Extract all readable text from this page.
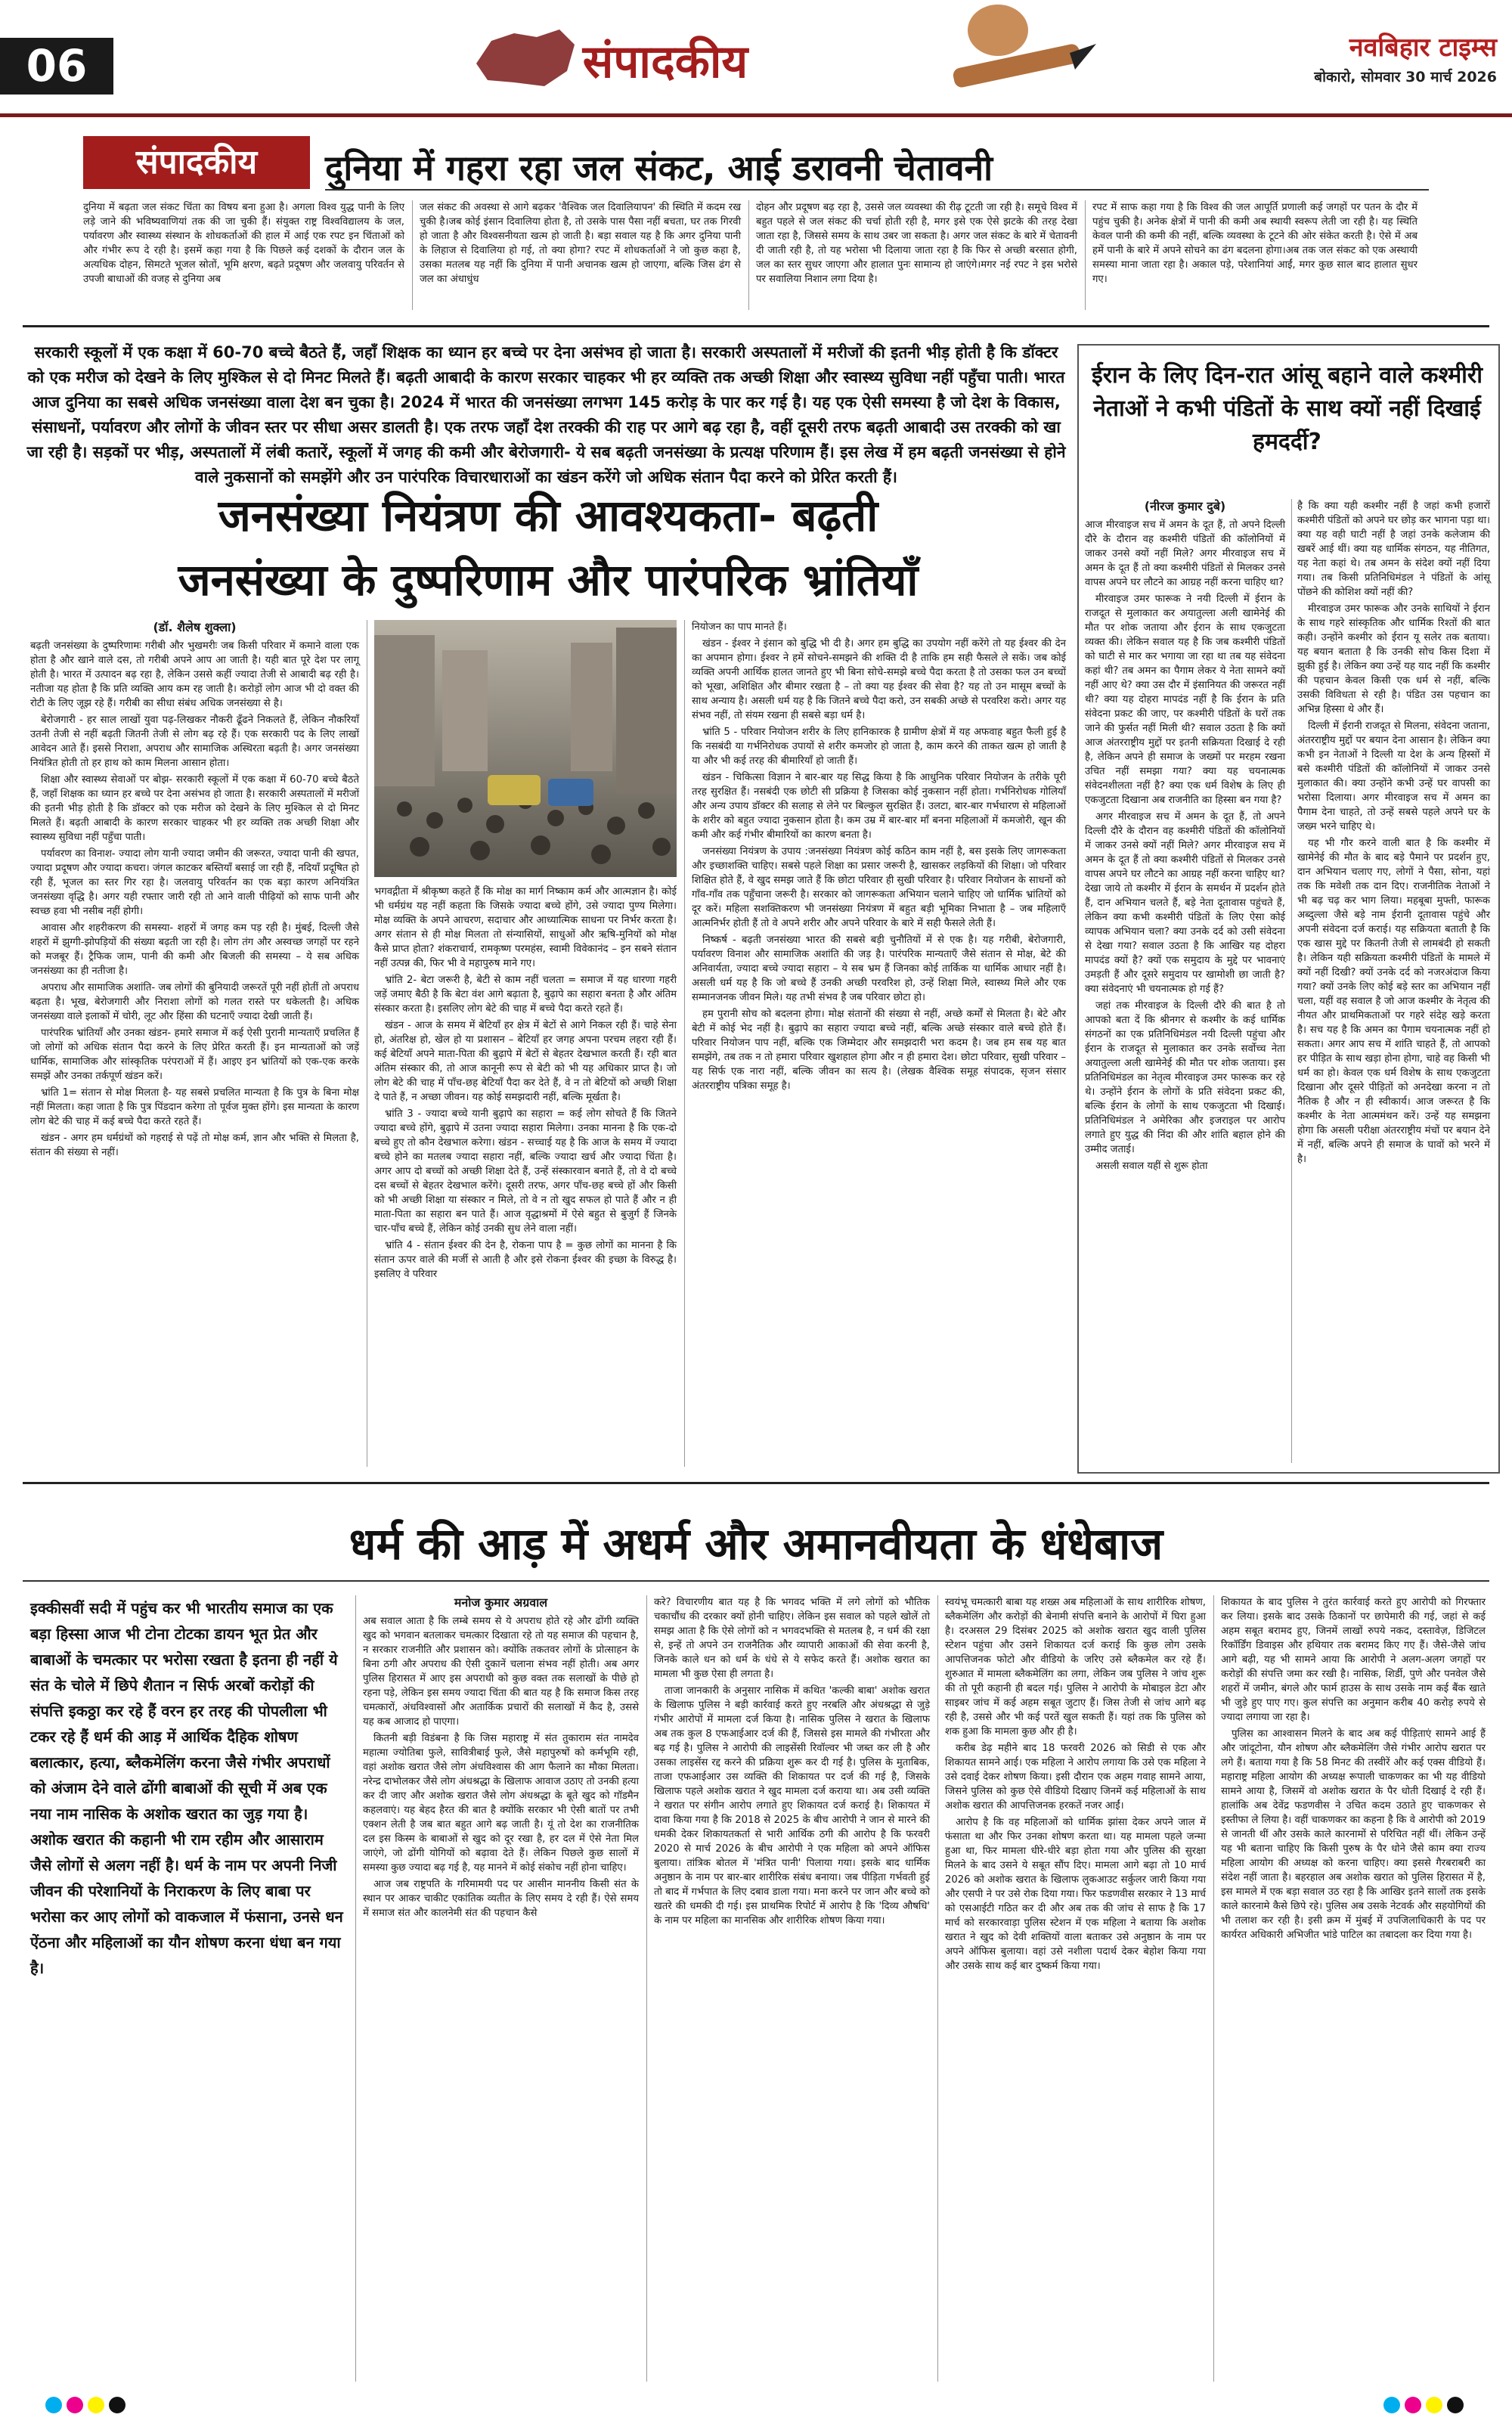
06	संपादकीय	नवबिहार टाइम्स
बोकारो, सोमवार 30 मार्च 2026
संपादकीय	दुनिया में गहरा रहा जल संकट, आई डरावनी चेतावनी
दुनिया में बढ़ता जल संकट चिंता का विषय बना हुआ है। अगला विश्व युद्ध पानी के लिए लड़े जाने की भविष्यवाणियां तक की जा चुकी हैं। संयुक्त राष्ट्र विश्वविद्यालय के जल, पर्यावरण और स्वास्थ्य संस्थान के शोधकर्ताओं की हाल में आई एक रपट इन चिंताओं को और गंभीर रूप दे रही है। इसमें कहा गया है कि पिछले कई दशकों के दौरान जल के अत्यधिक दोहन, सिमटते भूजल स्रोतों, भूमि क्षरण, बढ़ते प्रदूषण और जलवायु परिवर्तन से उपजी बाधाओं की वजह से दुनिया अब
जल संकट की अवस्था से आगे बढ़कर 'वैश्विक जल दिवालियापन' की स्थिति में कदम रख चुकी है।जब कोई इंसान दिवालिया होता है, तो उसके पास पैसा नहीं बचता, घर तक गिरवी हो जाता है और विश्वसनीयता खत्म हो जाती है। बड़ा सवाल यह है कि अगर दुनिया पानी के लिहाज से दिवालिया हो गई, तो क्या होगा? रपट में शोधकर्ताओं ने जो कुछ कहा है, उसका मतलब यह नहीं कि दुनिया में पानी अचानक खत्म हो जाएगा, बल्कि जिस ढंग से जल का अंधाधुंध
दोहन और प्रदूषण बढ़ रहा है, उससे जल व्यवस्था की रीढ़ टूटती जा रही है। समूचे विश्व में बहुत पहले से जल संकट की चर्चा होती रही है, मगर इसे एक ऐसे झटके की तरह देखा जाता रहा है, जिससे समय के साथ उबर जा सकता है। अगर जल संकट के बारे में चेतावनी दी जाती रही है, तो यह भरोसा भी दिलाया जाता रहा है कि फिर से अच्छी बरसात होगी, जल का स्तर सुधर जाएगा और हालात पुनः सामान्य हो जाएंगे।मगर नई रपट ने इस भरोसे पर सवालिया निशान लगा दिया है।
रपट में साफ कहा गया है कि विश्व की जल आपूर्ति प्रणाली कई जगहों पर पतन के दौर में पहुंच चुकी है। अनेक क्षेत्रों में पानी की कमी अब स्थायी स्वरूप लेती जा रही है। यह स्थिति केवल पानी की कमी की नहीं, बल्कि व्यवस्था के टूटने की ओर संकेत करती है। ऐसे में अब हमें पानी के बारे में अपने सोचने का ढंग बदलना होगा।अब तक जल संकट को एक अस्थायी समस्या माना जाता रहा है। अकाल पड़े, परेशानियां आईं, मगर कुछ साल बाद हालात सुधर गए।
सरकारी स्कूलों में एक कक्षा में 60-70 बच्चे बैठते हैं, जहाँ शिक्षक का ध्यान हर बच्चे पर देना असंभव हो जाता है। सरकारी अस्पतालों में मरीजों की इतनी भीड़ होती है कि डॉक्टर को एक मरीज को देखने के लिए मुश्किल से दो मिनट मिलते हैं। बढ़ती आबादी के कारण सरकार चाहकर भी हर व्यक्ति तक अच्छी शिक्षा और स्वास्थ्य सुविधा नहीं पहुँचा पाती। भारत आज दुनिया का सबसे अधिक जनसंख्या वाला देश बन चुका है। 2024 में भारत की जनसंख्या लगभग 145 करोड़ के पार कर गई है। यह एक ऐसी समस्या है जो देश के विकास, संसाधनों, पर्यावरण और लोगों के जीवन स्तर पर सीधा असर डालती है। एक तरफ जहाँ देश तरक्की की राह पर आगे बढ़ रहा है, वहीं दूसरी तरफ बढ़ती आबादी उस तरक्की को खा जा रही है। सड़कों पर भीड़, अस्पतालों में लंबी कतारें, स्कूलों में जगह की कमी और बेरोजगारी- ये सब बढ़ती जनसंख्या के प्रत्यक्ष परिणाम हैं। इस लेख में हम बढ़ती जनसंख्या से होने वाले नुकसानों को समझेंगे और उन पारंपरिक विचारधाराओं का खंडन करेंगे जो अधिक संतान पैदा करने को प्रेरित करती हैं।
जनसंख्या नियंत्रण की आवश्यकता- बढ़ती
जनसंख्या के दुष्परिणाम और पारंपरिक भ्रांतियाँ
(डॉ. शैलेष शुक्ला)

बढ़ती जनसंख्या के दुष्परिणामः गरीबी और भुखमरीः जब किसी परिवार में कमाने वाला एक होता है और खाने वाले दस, तो गरीबी अपने आप आ जाती है। यही बात पूरे देश पर लागू होती है। भारत में उत्पादन बढ़ रहा है, लेकिन उससे कहीं ज्यादा तेजी से आबादी बढ़ रही है। नतीजा यह होता है कि प्रति व्यक्ति आय कम रह जाती है। करोड़ों लोग आज भी दो वक्त की रोटी के लिए जूझ रहे हैं। गरीबी का सीधा संबंध अधिक जनसंख्या से है।

बेरोजगारी - हर साल लाखों युवा पढ़-लिखकर नौकरी ढूँढने निकलते हैं, लेकिन नौकरियाँ उतनी तेजी से नहीं बढ़ती जितनी तेजी से लोग बढ़ रहे हैं। एक सरकारी पद के लिए लाखों आवेदन आते हैं। इससे निराशा, अपराध और सामाजिक अस्थिरता बढ़ती है। अगर जनसंख्या नियंत्रित होती तो हर हाथ को काम मिलना आसान होता।

शिक्षा और स्वास्थ्य सेवाओं पर बोझ- सरकारी स्कूलों में एक कक्षा में 60-70 बच्चे बैठते हैं, जहाँ शिक्षक का ध्यान हर बच्चे पर देना असंभव हो जाता है। सरकारी अस्पतालों में मरीजों की इतनी भीड़ होती है कि डॉक्टर को एक मरीज को देखने के लिए मुश्किल से दो मिनट मिलते हैं। बढ़ती आबादी के कारण सरकार चाहकर भी हर व्यक्ति तक अच्छी शिक्षा और स्वास्थ्य सुविधा नहीं पहुँचा पाती।

पर्यावरण का विनाश- ज्यादा लोग यानी ज्यादा जमीन की जरूरत, ज्यादा पानी की खपत, ज्यादा प्रदूषण और ज्यादा कचरा। जंगल काटकर बस्तियाँ बसाई जा रही हैं, नदियाँ प्रदूषित हो रही हैं, भूजल का स्तर गिर रहा है। जलवायु परिवर्तन का एक बड़ा कारण अनियंत्रित जनसंख्या वृद्धि है। अगर यही रफ्तार जारी रही तो आने वाली पीढ़ियों को साफ पानी और स्वच्छ हवा भी नसीब नहीं होगी।

आवास और शहरीकरण की समस्या- शहरों में जगह कम पड़ रही है। मुंबई, दिल्ली जैसे शहरों में झुग्गी-झोपड़ियों की संख्या बढ़ती जा रही है। लोग तंग और अस्वच्छ जगहों पर रहने को मजबूर हैं। ट्रैफिक जाम, पानी की कमी और बिजली की समस्या – ये सब अधिक जनसंख्या का ही नतीजा है।

अपराध और सामाजिक अशांति- जब लोगों की बुनियादी जरूरतें पूरी नहीं होतीं तो अपराध बढ़ता है। भूख, बेरोजगारी और निराशा लोगों को गलत रास्ते पर धकेलती है। अधिक जनसंख्या वाले इलाकों में चोरी, लूट और हिंसा की घटनाएँ ज्यादा देखी जाती हैं।

पारंपरिक भ्रांतियाँ और उनका खंडन- हमारे समाज में कई ऐसी पुरानी मान्यताएँ प्रचलित हैं जो लोगों को अधिक संतान पैदा करने के लिए प्रेरित करती हैं। इन मान्यताओं को जड़ें धार्मिक, सामाजिक और सांस्कृतिक परंपराओं में हैं। आइए इन भ्रांतियों को एक-एक करके समझें और उनका तर्कपूर्ण खंडन करें।

भ्रांति 1= संतान से मोक्ष मिलता है- यह सबसे प्रचलित मान्यता है कि पुत्र के बिना मोक्ष नहीं मिलता। कहा जाता है कि पुत्र पिंडदान करेगा तो पूर्वज मुक्त होंगे। इस मान्यता के कारण लोग बेटे की चाह में कई बच्चे पैदा करते रहते हैं।

खंडन - अगर हम धर्मग्रंथों को गहराई से पढ़ें तो मोक्ष कर्म, ज्ञान और भक्ति से मिलता है, संतान की संख्या से नहीं।

भगवद्गीता में श्रीकृष्ण कहते हैं कि मोक्ष का मार्ग निष्काम कर्म और आत्मज्ञान है। कोई भी धर्मग्रंथ यह नहीं कहता कि जिसके ज्यादा बच्चे होंगे, उसे ज्यादा पुण्य मिलेगा। मोक्ष व्यक्ति के अपने आचरण, सदाचार और आध्यात्मिक साधना पर निर्भर करता है। अगर संतान से ही मोक्ष मिलता तो संन्यासियों, साधुओं और ऋषि-मुनियों को मोक्ष कैसे प्राप्त होता? शंकराचार्य, रामकृष्ण परमहंस, स्वामी विवेकानंद – इन सबने संतान नहीं उत्पन्न की, फिर भी वे महापुरुष माने गए।

भ्रांति 2- बेटा जरूरी है, बेटी से काम नहीं चलता = समाज में यह धारणा गहरी जड़ें जमाए बैठी है कि बेटा वंश आगे बढ़ाता है, बुढ़ापे का सहारा बनता है और अंतिम संस्कार करता है। इसलिए लोग बेटे की चाह में बच्चे पैदा करते रहते हैं।

खंडन - आज के समय में बेटियाँ हर क्षेत्र में बेटों से आगे निकल रही हैं। चाहे सेना हो, अंतरिक्ष हो, खेल हो या प्रशासन – बेटियाँ हर जगह अपना परचम लहरा रही हैं। कई बेटियाँ अपने माता-पिता की बुढ़ापे में बेटों से बेहतर देखभाल करती हैं। रही बात अंतिम संस्कार की, तो आज कानूनी रूप से बेटी को भी यह अधिकार प्राप्त है। जो लोग बेटे की चाह में पाँच-छह बेटियाँ पैदा कर देते हैं, वे न तो बेटियों को अच्छी शिक्षा दे पाते हैं, न अच्छा जीवन। यह कोई समझदारी नहीं, बल्कि मूर्खता है।

भ्रांति 3 - ज्यादा बच्चे यानी बुढ़ापे का सहारा = कई लोग सोचते हैं कि जितने ज्यादा बच्चे होंगे, बुढ़ापे में उतना ज्यादा सहारा मिलेगा। उनका मानना है कि एक-दो बच्चे हुए तो कौन देखभाल करेगा। खंडन - सच्चाई यह है कि आज के समय में ज्यादा बच्चे होने का मतलब ज्यादा सहारा नहीं, बल्कि ज्यादा खर्च और ज्यादा चिंता है। अगर आप दो बच्चों को अच्छी शिक्षा देते हैं, उन्हें संस्कारवान बनाते हैं, तो वे दो बच्चे दस बच्चों से बेहतर देखभाल करेंगे। दूसरी तरफ, अगर पाँच-छह बच्चे हों और किसी को भी अच्छी शिक्षा या संस्कार न मिले, तो वे न तो खुद सफल हो पाते हैं और न ही माता-पिता का सहारा बन पाते हैं। आज वृद्धाश्रमों में ऐसे बहुत से बुजुर्ग हैं जिनके चार-पाँच बच्चे हैं, लेकिन कोई उनकी सुध लेने वाला नहीं।

भ्रांति 4 - संतान ईश्वर की देन है, रोकना पाप है = कुछ लोगों का मानना है कि संतान ऊपर वाले की मर्जी से आती है और इसे रोकना ईश्वर की इच्छा के विरुद्ध है। इसलिए वे परिवार

नियोजन का पाप मानते हैं।

खंडन - ईश्वर ने इंसान को बुद्धि भी दी है। अगर हम बुद्धि का उपयोग नहीं करेंगे तो यह ईश्वर की देन का अपमान होगा। ईश्वर ने हमें सोचने-समझने की शक्ति दी है ताकि हम सही फैसले ले सकें। जब कोई व्यक्ति अपनी आर्थिक हालत जानते हुए भी बिना सोचे-समझे बच्चे पैदा करता है तो उसका फल उन बच्चों को भूखा, अशिक्षित और बीमार रखता है – तो क्या यह ईश्वर की सेवा है? यह तो उन मासूम बच्चों के साथ अन्याय है। असली धर्म यह है कि जितने बच्चे पैदा करो, उन सबकी अच्छे से परवरिश करो। अगर यह संभव नहीं, तो संयम रखना ही सबसे बड़ा धर्म है।

भ्रांति 5 - परिवार नियोजन शरीर के लिए हानिकारक है ग्रामीण क्षेत्रों में यह अफवाह बहुत फैली हुई है कि नसबंदी या गर्भनिरोधक उपायों से शरीर कमजोर हो जाता है, काम करने की ताकत खत्म हो जाती है या और भी कई तरह की बीमारियाँ हो जाती हैं।

खंडन - चिकित्सा विज्ञान ने बार-बार यह सिद्ध किया है कि आधुनिक परिवार नियोजन के तरीके पूरी तरह सुरक्षित हैं। नसबंदी एक छोटी सी प्रक्रिया है जिसका कोई नुकसान नहीं होता। गर्भनिरोधक गोलियाँ और अन्य उपाय डॉक्टर की सलाह से लेने पर बिल्कुल सुरक्षित हैं। उलटा, बार-बार गर्भधारण से महिलाओं के शरीर को बहुत ज्यादा नुकसान होता है। कम उम्र में बार-बार माँ बनना महिलाओं में कमजोरी, खून की कमी और कई गंभीर बीमारियों का कारण बनता है।

जनसंख्या नियंत्रण के उपाय :जनसंख्या नियंत्रण कोई कठिन काम नहीं है, बस इसके लिए जागरूकता और इच्छाशक्ति चाहिए। सबसे पहले शिक्षा का प्रसार जरूरी है, खासकर लड़कियों की शिक्षा। जो परिवार शिक्षित होते हैं, वे खुद समझ जाते हैं कि छोटा परिवार ही सुखी परिवार है। परिवार नियोजन के साधनों को गाँव-गाँव तक पहुँचाना जरूरी है। सरकार को जागरूकता अभियान चलाने चाहिए जो धार्मिक भ्रांतियों को दूर करें। महिला सशक्तिकरण भी जनसंख्या नियंत्रण में बहुत बड़ी भूमिका निभाता है – जब महिलाएँ आत्मनिर्भर होती हैं तो वे अपने शरीर और अपने परिवार के बारे में सही फैसले लेती हैं।

निष्कर्ष - बढ़ती जनसंख्या भारत की सबसे बड़ी चुनौतियों में से एक है। यह गरीबी, बेरोजगारी, पर्यावरण विनाश और सामाजिक अशांति की जड़ है। पारंपरिक मान्यताएँ जैसे संतान से मोक्ष, बेटे की अनिवार्यता, ज्यादा बच्चे ज्यादा सहारा – ये सब भ्रम हैं जिनका कोई तार्किक या धार्मिक आधार नहीं है। असली धर्म यह है कि जो बच्चे हैं उनकी अच्छी परवरिश हो, उन्हें शिक्षा मिले, स्वास्थ्य मिले और एक सम्मानजनक जीवन मिले। यह तभी संभव है जब परिवार छोटा हो।

हम पुरानी सोच को बदलना होगा। मोक्ष संतानों की संख्या से नहीं, अच्छे कर्मों से मिलता है। बेटे और बेटी में कोई भेद नहीं है। बुढ़ापे का सहारा ज्यादा बच्चे नहीं, बल्कि अच्छे संस्कार वाले बच्चे होते हैं। परिवार नियोजन पाप नहीं, बल्कि एक जिम्मेदार और समझदारी भरा कदम है। जब हम सब यह बात समझेंगे, तब तक न तो हमारा परिवार खुशहाल होगा और न ही हमारा देश। छोटा परिवार, सुखी परिवार – यह सिर्फ एक नारा नहीं, बल्कि जीवन का सत्य है। (लेखक वैश्विक समूह संपादक, सृजन संसार अंतरराष्ट्रीय पत्रिका समूह है।

ईरान के लिए दिन-रात आंसू बहाने वाले कश्मीरी नेताओं ने कभी पंडितों के साथ क्यों नहीं दिखाई हमदर्दी?
(नीरज कुमार दुबे)

आज मीरवाइज सच में अमन के दूत हैं, तो अपने दिल्ली दौरे के दौरान वह कश्मीरी पंडितों की कॉलोनियों में जाकर उनसे क्यों नहीं मिले? अगर मीरवाइज सच में अमन के दूत हैं तो क्या कश्मीरी पंडितों से मिलकर उनसे वापस अपने घर लौटने का आग्रह नहीं करना चाहिए था?

मीरवाइज उमर फारूक ने नयी दिल्ली में ईरान के राजदूत से मुलाकात कर अयातुल्ला अली खामेनेई की मौत पर शोक जताया और ईरान के साथ एकजुटता व्यक्त की। लेकिन सवाल यह है कि जब कश्मीरी पंडितों को घाटी से मार कर भगाया जा रहा था तब यह संवेदना कहां थी? तब अमन का पैगाम लेकर ये नेता सामने क्यों नहीं आए थे? क्या उस दौर में इंसानियत की जरूरत नहीं थी? क्या यह दोहरा मापदंड नहीं है कि ईरान के प्रति संवेदना प्रकट की जाए, पर कश्मीरी पंडितों के घरों तक जाने की फुर्सत नहीं मिली थी? सवाल उठता है कि क्यों आज अंतरराष्ट्रीय मुद्दों पर इतनी सक्रियता दिखाई दे रही है, लेकिन अपने ही समाज के जख्मों पर मरहम रखना उचित नहीं समझा गया? क्या यह चयनात्मक संवेदनशीलता नहीं है? क्या एक धर्म विशेष के लिए ही एकजुटता दिखाना अब राजनीति का हिस्सा बन गया है?

अगर मीरवाइज सच में अमन के दूत हैं, तो अपने दिल्ली दौरे के दौरान वह कश्मीरी पंडितों की कॉलोनियों में जाकर उनसे क्यों नहीं मिले? अगर मीरवाइज सच में अमन के दूत हैं तो क्या कश्मीरी पंडितों से मिलकर उनसे वापस अपने घर लौटने का आग्रह नहीं करना चाहिए था? देखा जाये तो कश्मीर में ईरान के समर्थन में प्रदर्शन होते हैं, दान अभियान चलते हैं, बड़े नेता दूतावास पहुंचते हैं, लेकिन क्या कभी कश्मीरी पंडितों के लिए ऐसा कोई व्यापक अभियान चला? क्या उनके दर्द को उसी संवेदना से देखा गया? सवाल उठता है कि आखिर यह दोहरा मापदंड क्यों है? क्यों एक समुदाय के मुद्दे पर भावनाएं उमड़ती हैं और दूसरे समुदाय पर खामोशी छा जाती है? क्या संवेदनाएं भी चयनात्मक हो गई हैं?

जहां तक मीरवाइज के दिल्ली दौरे की बात है तो आपको बता दें कि श्रीनगर से कश्मीर के कई धार्मिक संगठनों का एक प्रतिनिधिमंडल नयी दिल्ली पहुंचा और ईरान के राजदूत से मुलाकात कर उनके सर्वोच्च नेता अयातुल्ला अली खामेनेई की मौत पर शोक जताया। इस प्रतिनिधिमंडल का नेतृत्व मीरवाइज उमर फारूक कर रहे थे। उन्होंने ईरान के लोगों के प्रति संवेदना प्रकट की, बल्कि ईरान के लोगों के साथ एकजुटता भी दिखाई। प्रतिनिधिमंडल ने अमेरिका और इजराइल पर आरोप लगाते हुए युद्ध की निंदा की और शांति बहाल होने की उम्मीद जताई।

असली सवाल यहीं से शुरू होता

है कि क्या यही कश्मीर नहीं है जहां कभी हजारों कश्मीरी पंडितों को अपने घर छोड़ कर भागना पड़ा था। क्या यह वही घाटी नहीं है जहां उनके कलेजाम की खबरें आई थीं। क्या यह धार्मिक संगठन, यह नीतिगत, यह नेता कहां थे। तब अमन के संदेश क्यों नहीं दिया गया। तब किसी प्रतिनिधिमंडल ने पंडितों के आंसू पोंछने की कोशिश क्यों नहीं की?

मीरवाइज उमर फारूक और उनके साथियों ने ईरान के साथ गहरे सांस्कृतिक और धार्मिक रिश्तों की बात कही। उन्होंने कश्मीर को ईरान यू सलेर तक बताया। यह बयान बताता है कि उनकी सोच किस दिशा में झुकी हुई है। लेकिन क्या उन्हें यह याद नहीं कि कश्मीर की पहचान केवल किसी एक धर्म से नहीं, बल्कि उसकी विविधता से रही है। पंडित उस पहचान का अभिन्न हिस्सा थे और हैं।

दिल्ली में ईरानी राजदूत से मिलना, संवेदना जताना, अंतरराष्ट्रीय मुद्दों पर बयान देना आसान है। लेकिन क्या कभी इन नेताओं ने दिल्ली या देश के अन्य हिस्सों में बसे कश्मीरी पंडितों की कॉलोनियों में जाकर उनसे मुलाकात की। क्या उन्होंने कभी उन्हें घर वापसी का भरोसा दिलाया। अगर मीरवाइज सच में अमन का पैगाम देना चाहते, तो उन्हें सबसे पहले अपने घर के जख्म भरने चाहिए थे।

यह भी गौर करने वाली बात है कि कश्मीर में खामेनेई की मौत के बाद बड़े पैमाने पर प्रदर्शन हुए, दान अभियान चलाए गए, लोगों ने पैसा, सोना, यहां तक कि मवेशी तक दान दिए। राजनीतिक नेताओं ने भी बढ़ चढ़ कर भाग लिया। महबूबा मुफ्ती, फारूक अब्दुल्ला जैसे बड़े नाम ईरानी दूतावास पहुंचे और अपनी संवेदना दर्ज कराई। यह सक्रियता बताती है कि एक खास मुद्दे पर कितनी तेजी से लामबंदी हो सकती है। लेकिन यही सक्रियता कश्मीरी पंडितों के मामले में क्यों नहीं दिखी? क्यों उनके दर्द को नजरअंदाज किया गया? क्यों उनके लिए कोई बड़े स्तर का अभियान नहीं चला, यहीं वह सवाल है जो आज कश्मीर के नेतृत्व की नीयत और प्राथमिकताओं पर गहरे संदेह खड़े करता है। सच यह है कि अमन का पैगाम चयनात्मक नहीं हो सकता। अगर आप सच में शांति चाहते हैं, तो आपको हर पीड़ित के साथ खड़ा होना होगा, चाहे वह किसी भी धर्म का हो। केवल एक धर्म विशेष के साथ एकजुटता दिखाना और दूसरे पीड़ितों को अनदेखा करना न तो नैतिक है और न ही स्वीकार्य। आज जरूरत है कि कश्मीर के नेता आत्ममंथन करें। उन्हें यह समझना होगा कि असली परीक्षा अंतरराष्ट्रीय मंचों पर बयान देने में नहीं, बल्कि अपने ही समाज के घावों को भरने में है।

धर्म की आड़ में अधर्म और अमानवीयता के धंधेबाज
इक्कीसवीं सदी में पहुंच कर भी भारतीय समाज का एक बड़ा हिस्सा आज भी टोना टोटका डायन भूत प्रेत और बाबाओं के चमत्कार पर भरोसा रखता है इतना ही नहीं ये संत के चोले में छिपे शैतान न सिर्फ अरबों करोड़ों की संपत्ति इकठ्ठा कर रहे हैं वरन हर तरह की पोपलीला भी टकर रहे हैं धर्म की आड़ में आर्थिक दैहिक शोषण बलात्कार, हत्या, ब्लैकमेलिंग करना जैसे गंभीर अपराधों को अंजाम देने वाले ढोंगी बाबाओं की सूची में अब एक नया नाम नासिक के अशोक खरात का जुड़ गया है। अशोक खरात की कहानी भी राम रहीम और आसाराम जैसे लोगों से अलग नहीं है। धर्म के नाम पर अपनी निजी जीवन की परेशानियों के निराकरण के लिए बाबा पर भरोसा कर आए लोगों को वाकजाल में फंसाना, उनसे धन ऐंठना और महिलाओं का यौन शोषण करना धंधा बन गया है।
मनोज कुमार अग्रवाल

अब सवाल आता है कि लम्बे समय से ये अपराध होते रहे और ढोंगी व्यक्ति खुद को भगवान बतलाकर चमत्कार दिखाता रहे तो यह समाज की पहचान है, न सरकार राजनीति और प्रशासन को। क्योंकि तकतवर लोगों के प्रोत्साहन के बिना ठगी और अपराध की ऐसी दुकानें चलाना संभव नहीं होती। अब अगर पुलिस हिरासत में आए इस अपराधी को कुछ वक्त तक सलाखों के पीछे हो रहना पड़े, लेकिन इस समय ज्यादा चिंता की बात यह है कि समाज किस तरह चमत्कारों, अंधविश्वासों और अतार्किक प्रचारों की सलाखों में कैद है, उससे यह कब आजाद हो पाएगा।

कितनी बड़ी विडंबना है कि जिस महाराष्ट्र में संत तुकाराम संत नामदेव महात्मा ज्योतिबा फुले, सावित्रीबाई फुले, जैसे महापुरुषों को कर्मभूमि रही, वहां अशोक खरात जैसे लोग अंधविश्वास की आग फैलाने का मौका मिलता। नरेन्द्र दाभोलकर जैसे लोग अंधश्रद्धा के खिलाफ आवाज उठाए तो उनकी हत्या कर दी जाए और अशोक खरात जैसे लोग अंधश्रद्धा के बूते खुद को गॉडमैन कहलवाएं। यह बेहद हैरत की बात है क्योंकि सरकार भी ऐसी बातों पर तभी एक्शन लेती है जब बात बहुत आगे बढ़ जाती है। यूं तो देश का राजनीतिक दल इस किस्म के बाबाओं से खुद को दूर रखा है, हर दल में ऐसे नेता मिल जाएंगे, जो ढोंगी योगियों को बढ़ावा देते हैं। लेकिन पिछले कुछ सालों में समस्या कुछ ज्यादा बढ़ गई है, यह मानने में कोई संकोच नहीं होना चाहिए।

आज जब राष्ट्रपति के गरिमामयी पद पर आसीन माननीय किसी संत के स्थान पर आकर चाकीट एकांतिक व्यतीत के लिए समय दे रही हैं। ऐसे समय में समाज संत और कालनेमी संत की पहचान कैसे

करे? विचारणीय बात यह है कि भगवद भक्ति में लगे लोगों को भौतिक चकाचौंध की दरकार क्यों होनी चाहिए। लेकिन इस सवाल को पहले खोलें तो समझ आता है कि ऐसे लोगों को न भगवदभक्ति से मतलब है, न धर्म की रक्षा से, इन्हें तो अपने उन राजनैतिक और व्यापारी आकाओं की सेवा करनी है, जिनके काले धन को धर्म के धंधे से ये सफेद करते हैं। अशोक खरात का मामला भी कुछ ऐसा ही लगता है।

ताजा जानकारी के अनुसार नासिक में कथित 'कल्की बाबा' अशोक खरात के खिलाफ पुलिस ने बड़ी कार्रवाई करते हुए नरबलि और अंधश्रद्धा से जुड़े गंभीर आरोपों में मामला दर्ज किया है। नासिक पुलिस ने खरात के खिलाफ अब तक कुल 8 एफआईआर दर्ज की हैं, जिससे इस मामले की गंभीरता और बढ़ गई है। पुलिस ने आरोपी की लाइसेंसी रिवॉल्वर भी जब्त कर ली है और उसका लाइसेंस रद्द करने की प्रक्रिया शुरू कर दी गई है। पुलिस के मुताबिक, ताजा एफआईआर उस व्यक्ति की शिकायत पर दर्ज की गई है, जिसके खिलाफ पहले अशोक खरात ने खुद मामला दर्ज कराया था। अब उसी व्यक्ति ने खरात पर संगीन आरोप लगाते हुए शिकायत दर्ज कराई है। शिकायत में दावा किया गया है कि 2018 से 2025 के बीच आरोपी ने जान से मारने की धमकी देकर शिकायतकर्ता से भारी आर्थिक ठगी की आरोप है कि फरवरी 2020 से मार्च 2026 के बीच आरोपी ने एक महिला को अपने ऑफिस बुलाया। तांत्रिक बोतल में 'मंत्रित पानी' पिलाया गया। इसके बाद धार्मिक अनुष्ठान के नाम पर बार-बार शारीरिक संबंध बनाया। जब पीड़िता गर्भवती हुई तो बाद में गर्भपात के लिए दबाव डाला गया। मना करने पर जान और बच्चे को खतरे की धमकी दी गई। इस प्राथमिक रिपोर्ट में आरोप है कि 'दिव्य औषधि' के नाम पर महिला का मानसिक और शारीरिक शोषण किया गया।

स्वयंभू चमत्कारी बाबा यह शख्स अब महिलाओं के साथ शारीरिक शोषण, ब्लैकमेलिंग और करोड़ों की बेनामी संपत्ति बनाने के आरोपों में घिरा हुआ है। दरअसल 29 दिसंबर 2025 को अशोक खरात खुद वाली पुलिस स्टेशन पहुंचा और उसने शिकायत दर्ज कराई कि कुछ लोग उसके आपत्तिजनक फोटो और वीडियो के जरिए उसे ब्लैकमेल कर रहे हैं। शुरुआत में मामला ब्लैकमेलिंग का लगा, लेकिन जब पुलिस ने जांच शुरू की तो पूरी कहानी ही बदल गई। पुलिस ने आरोपी के मोबाइल डेटा और साइबर जांच में कई अहम सबूत जुटाए हैं। जिस तेजी से जांच आगे बढ़ रही है, उससे और भी कई परतें खुल सकती हैं। यहां तक कि पुलिस को शक हुआ कि मामला कुछ और ही है।

करीब डेढ़ महीने बाद 18 फरवरी 2026 को सिडी से एक और शिकायत सामने आई। एक महिला ने आरोप लगाया कि उसे एक महिला ने उसे दवाई देकर शोषण किया। इसी दौरान एक अहम गवाह सामने आया, जिसने पुलिस को कुछ ऐसे वीडियो दिखाए जिनमें कई महिलाओं के साथ अशोक खरात की आपत्तिजनक हरकतें नजर आईं।

आरोप है कि वह महिलाओं को धार्मिक झांसा देकर अपने जाल में फंसाता था और फिर उनका शोषण करता था। यह मामला पहले जन्मा हुआ था, फिर मामला धीरे-धीरे बड़ा होता गया और पुलिस की सुरक्षा मिलने के बाद उसने ये सबूत सौंप दिए। मामला आगे बढ़ा तो 10 मार्च 2026 को अशोक खरात के खिलाफ लुकआउट सर्कुलर जारी किया गया और एसपी ने पर उसे रोक दिया गया। फिर फडणवीस सरकार ने 13 मार्च को एसआईटी गठित कर दी और अब तक की जांच से साफ है कि 17 मार्च को सरकारवाड़ा पुलिस स्टेशन में एक महिला ने बताया कि अशोक खरात ने खुद को देवी शक्तियों वाला बताकर उसे अनुष्ठान के नाम पर अपने ऑफिस बुलाया। वहां उसे नशीला पदार्थ देकर बेहोश किया गया और उसके साथ कई बार दुष्कर्म किया गया।

शिकायत के बाद पुलिस ने तुरंत कार्रवाई करते हुए आरोपी को गिरफ्तार कर लिया। इसके बाद उसके ठिकानों पर छापेमारी की गई, जहां से कई अहम सबूत बरामद हुए, जिनमें लाखों रुपये नकद, दस्तावेज़, डिजिटल रिकॉर्डिंग डिवाइस और हथियार तक बरामद किए गए हैं। जैसे-जैसे जांच आगे बढ़ी, यह भी सामने आया कि आरोपी ने अलग-अलग जगहों पर करोड़ों की संपत्ति जमा कर रखी है। नासिक, शिर्डी, पुणे और पनवेल जैसे शहरों में जमीन, बंगले और फार्म हाउस के साथ उसके नाम कई बैंक खाते भी जुड़े हुए पाए गए। कुल संपत्ति का अनुमान करीब 40 करोड़ रुपये से ज्यादा लगाया जा रहा है।

पुलिस का आश्वासन मिलने के बाद अब कई पीड़िताएं सामने आई हैं और जांदूटोना, यौन शोषण और ब्लैकमेलिंग जैसे गंभीर आरोप खरात पर लगे हैं। बताया गया है कि 58 मिनट की तस्वीरें और कई एक्स वीडियो हैं। महाराष्ट्र महिला आयोग की अध्यक्ष रूपाली चाकणकर का भी यह वीडियो सामने आया है, जिसमें वो अशोक खरात के पैर धोती दिखाई दे रही हैं। हालांकि अब देवेंद्र फडणवीस ने उचित कदम उठाते हुए चाकणकर से इस्तीफा ले लिया है। वहीं चाकणकर का कहना है कि वे आरोपी को 2019 से जानती थीं और उसके काले कारनामों से परिचित नहीं थीं। लेकिन उन्हें यह भी बताना चाहिए कि किसी पुरुष के पैर धोने जैसे काम क्या राज्य महिला आयोग की अध्यक्ष को करना चाहिए। क्या इससे गैरबराबरी का संदेश नहीं जाता है। बहरहाल अब अशोक खरात को पुलिस हिरासत में है, इस मामले में एक बड़ा सवाल उठ रहा है कि आखिर इतने सालों तक इसके काले कारनामे कैसे छिपे रहे। पुलिस अब उसके नेटवर्क और सहयोगियों की भी तलाश कर रही है। इसी क्रम में मुंबई में उपजिलाधिकारी के पद पर कार्यरत अधिकारी अभिजीत भांडे पाटिल का तबादला कर दिया गया है।
